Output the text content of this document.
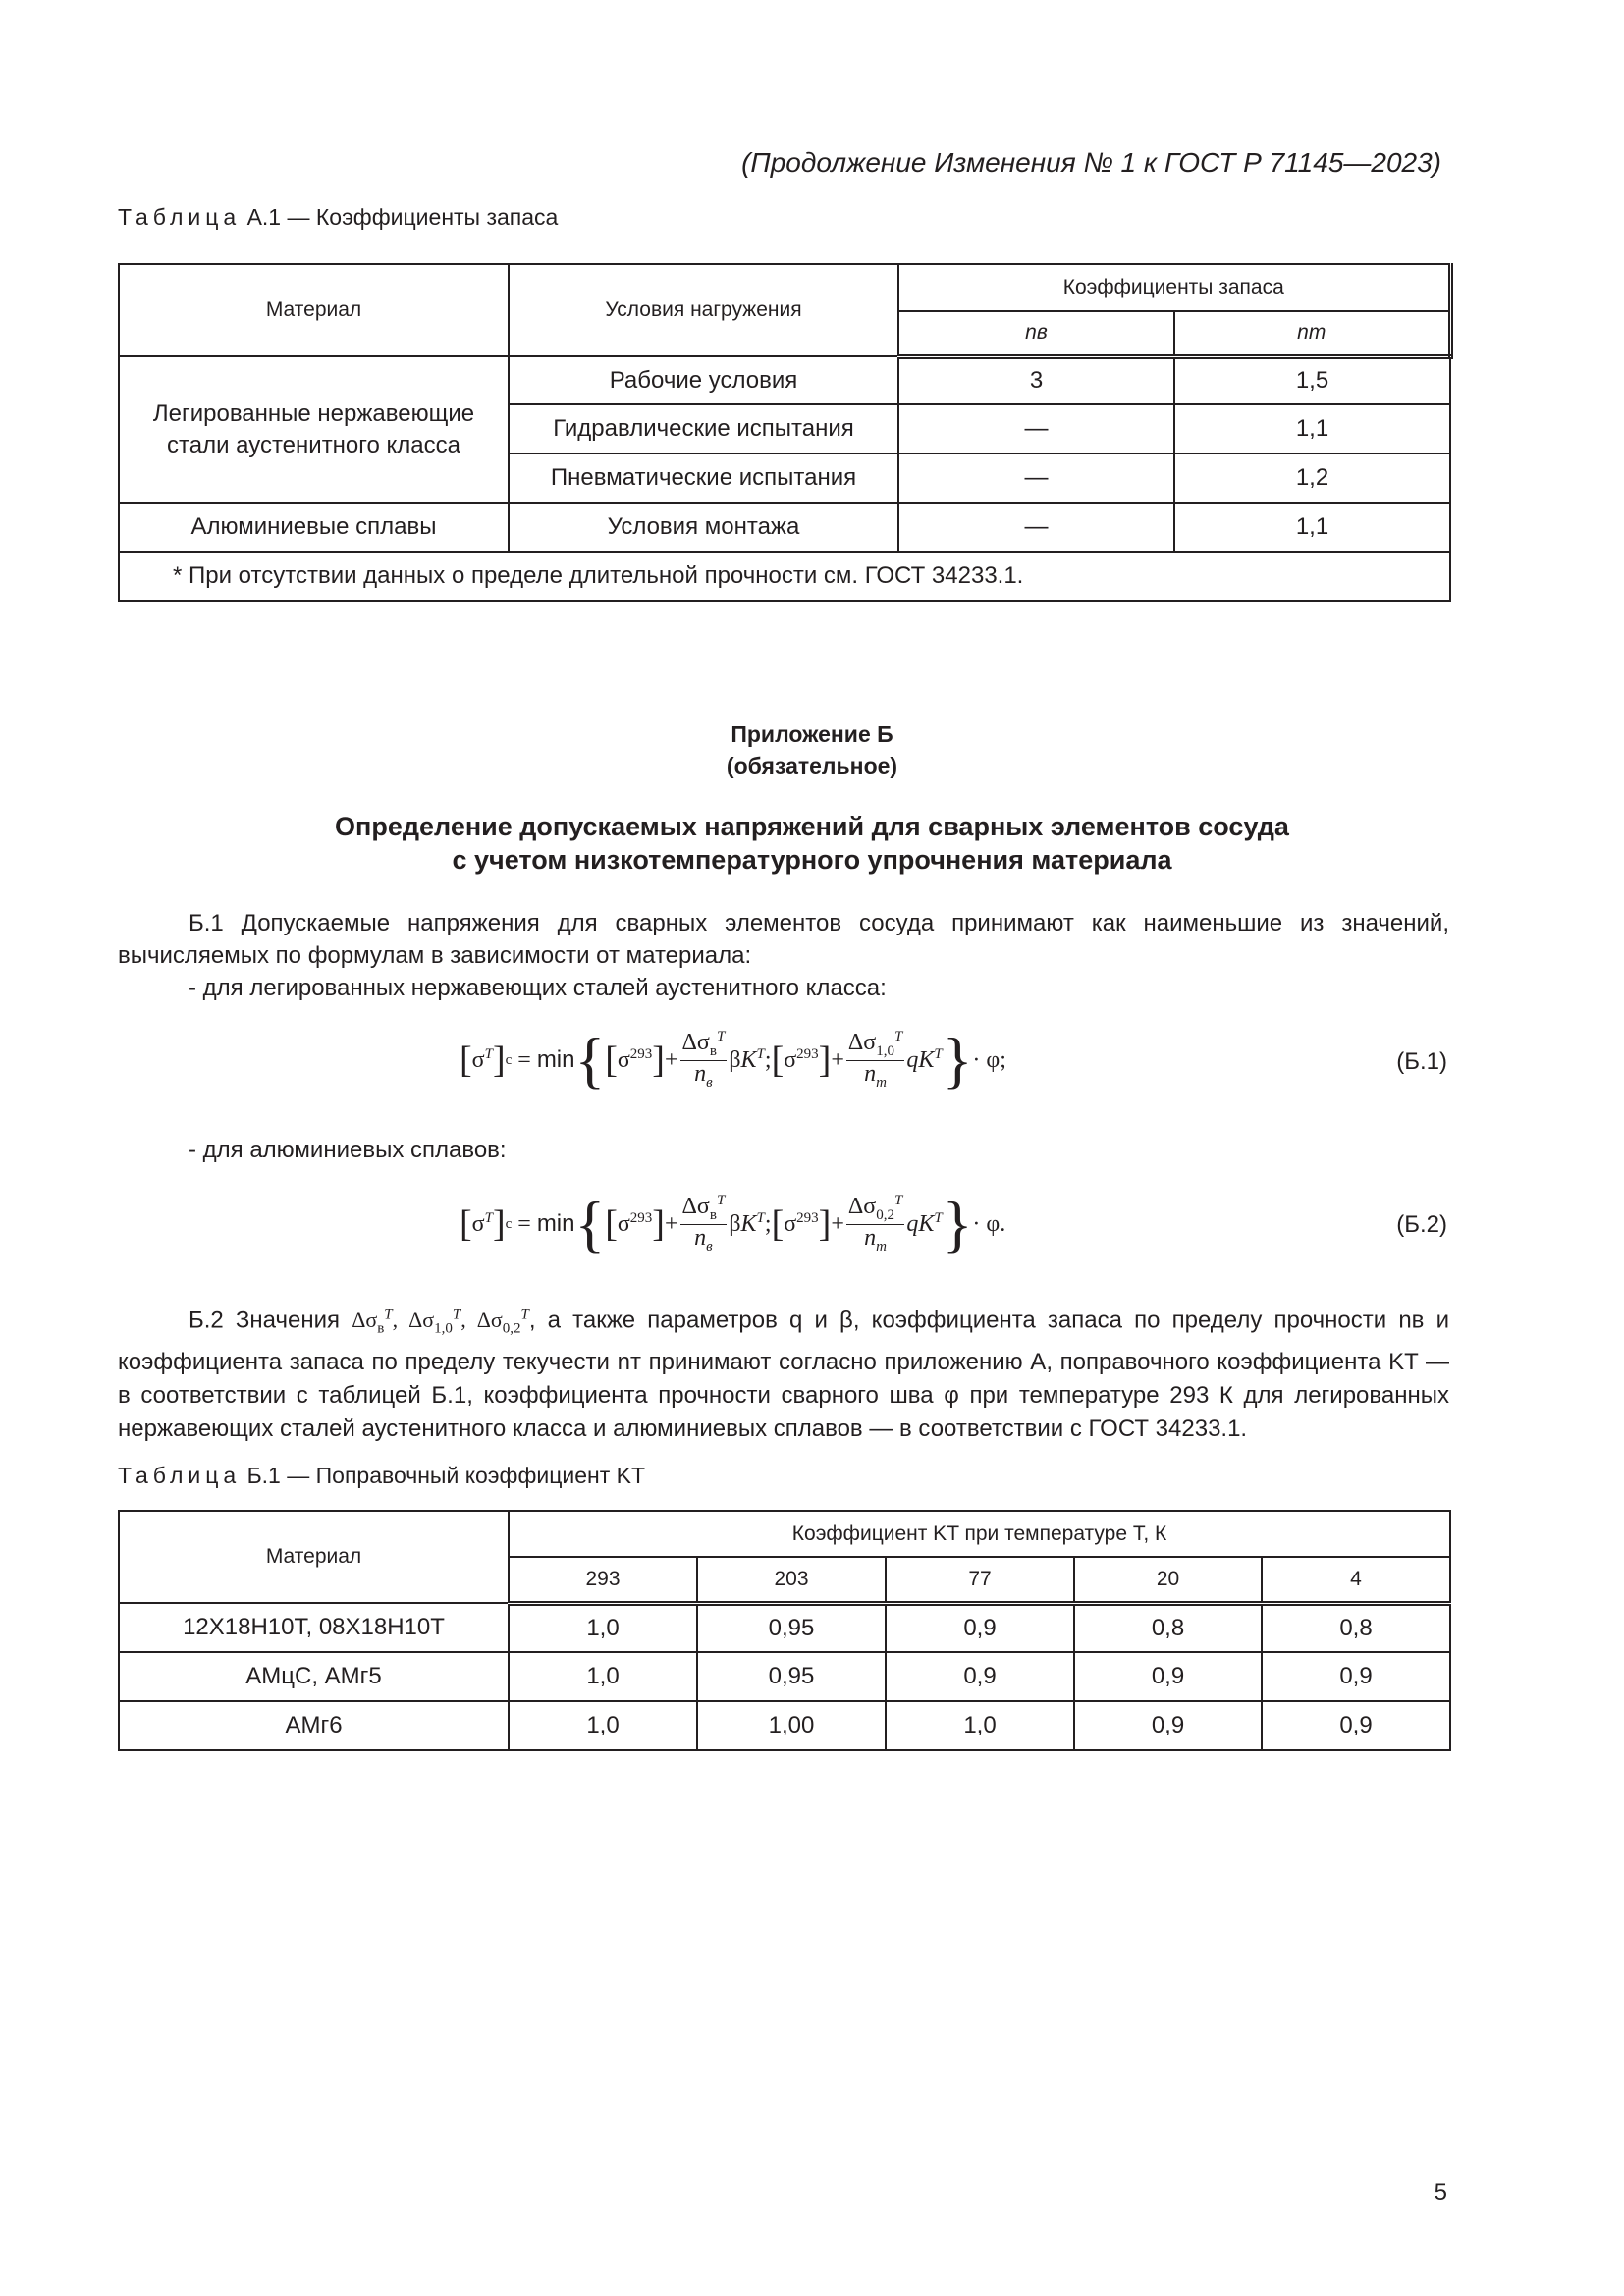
(Продолжение Изменения № 1 к ГОСТ Р 71145—2023)
Таблица А.1 — Коэффициенты запаса
Материал	Условия нагружения	Коэффициенты запаса	
		nв	nт
Легированные нержавеющие стали аустенитного класса	Рабочие условия	3	1,5
	Гидравлические испытания	—	1,1
	Пневматические испытания	—	1,2
Алюминиевые сплавы	Условия монтажа	—	1,1
* При отсутствии данных о пределе длительной прочности см. ГОСТ 34233.1.			
Приложение Б
(обязательное)
Определение допускаемых напряжений для сварных элементов сосуда
с учетом низкотемпературного упрочнения материала
Б.1 Допускаемые напряжения для сварных элементов сосуда принимают как наименьшие из значений, вычисляемых по формулам в зависимости от материала:
- для легированных нержавеющих сталей аустенитного класса:
[ $\sigma^T$ ] c = min { [ $\sigma^{293}$ ] +
$\Delta\sigma_в^T$
$n_в$
$\beta K^T$; [ $\sigma^{293}$ ] +
$\Delta\sigma_{1,0}^T$
$n_т$
$qK^T$ } · φ;	(Б.1)
- для алюминиевых сплавов:
[ $\sigma^T$ ] c = min { [ $\sigma^{293}$ ] +
$\Delta\sigma_в^T$
$n_в$
$\beta K^T$; [ $\sigma^{293}$ ] +
$\Delta\sigma_{0,2}^T$
$n_т$
$qK^T$ } · φ.	(Б.2)
Б.2 Значения $\Delta\sigma_в^T$, $\Delta\sigma_{1,0}^T$, $\Delta\sigma_{0,2}^T$, а также параметров q и β, коэффициента запаса по пределу прочности nв и коэффициента запаса по пределу текучести nт принимают согласно приложению А, поправочного коэффициента KT — в соответствии с таблицей Б.1, коэффициента прочности сварного шва φ при температуре 293 К для легированных нержавеющих сталей аустенитного класса и алюминиевых сплавов — в соответствии с ГОСТ 34233.1.
Таблица Б.1 — Поправочный коэффициент KT
Материал	Коэффициент KT при температуре T, К				
	293	203	77	20	4
12Х18Н10Т, 08Х18Н10Т	1,0	0,95	0,9	0,8	0,8
АМцС, АМг5	1,0	0,95	0,9	0,9	0,9
АМг6	1,0	1,00	1,0	0,9	0,9
5
